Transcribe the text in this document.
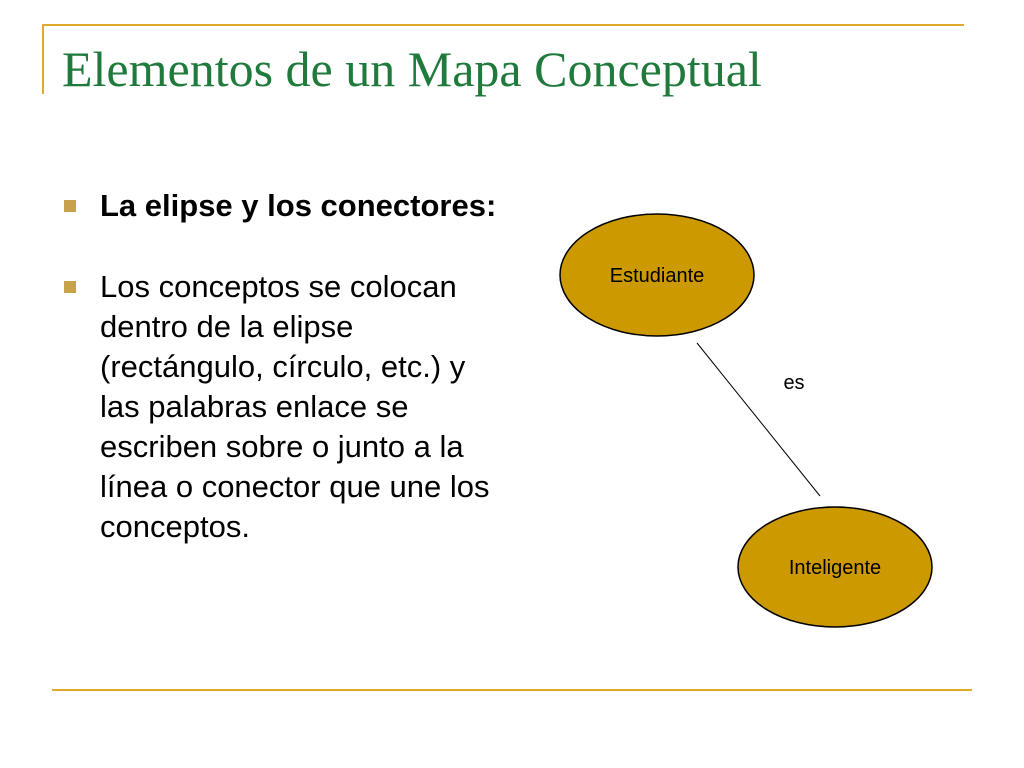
Elementos de un Mapa Conceptual
La elipse y los conectores:
Los conceptos se colocan dentro de la elipse (rectángulo, círculo, etc.) y las palabras enlace se escriben sobre o junto a la línea o conector que une los conceptos.
Estudiante
es
Inteligente
